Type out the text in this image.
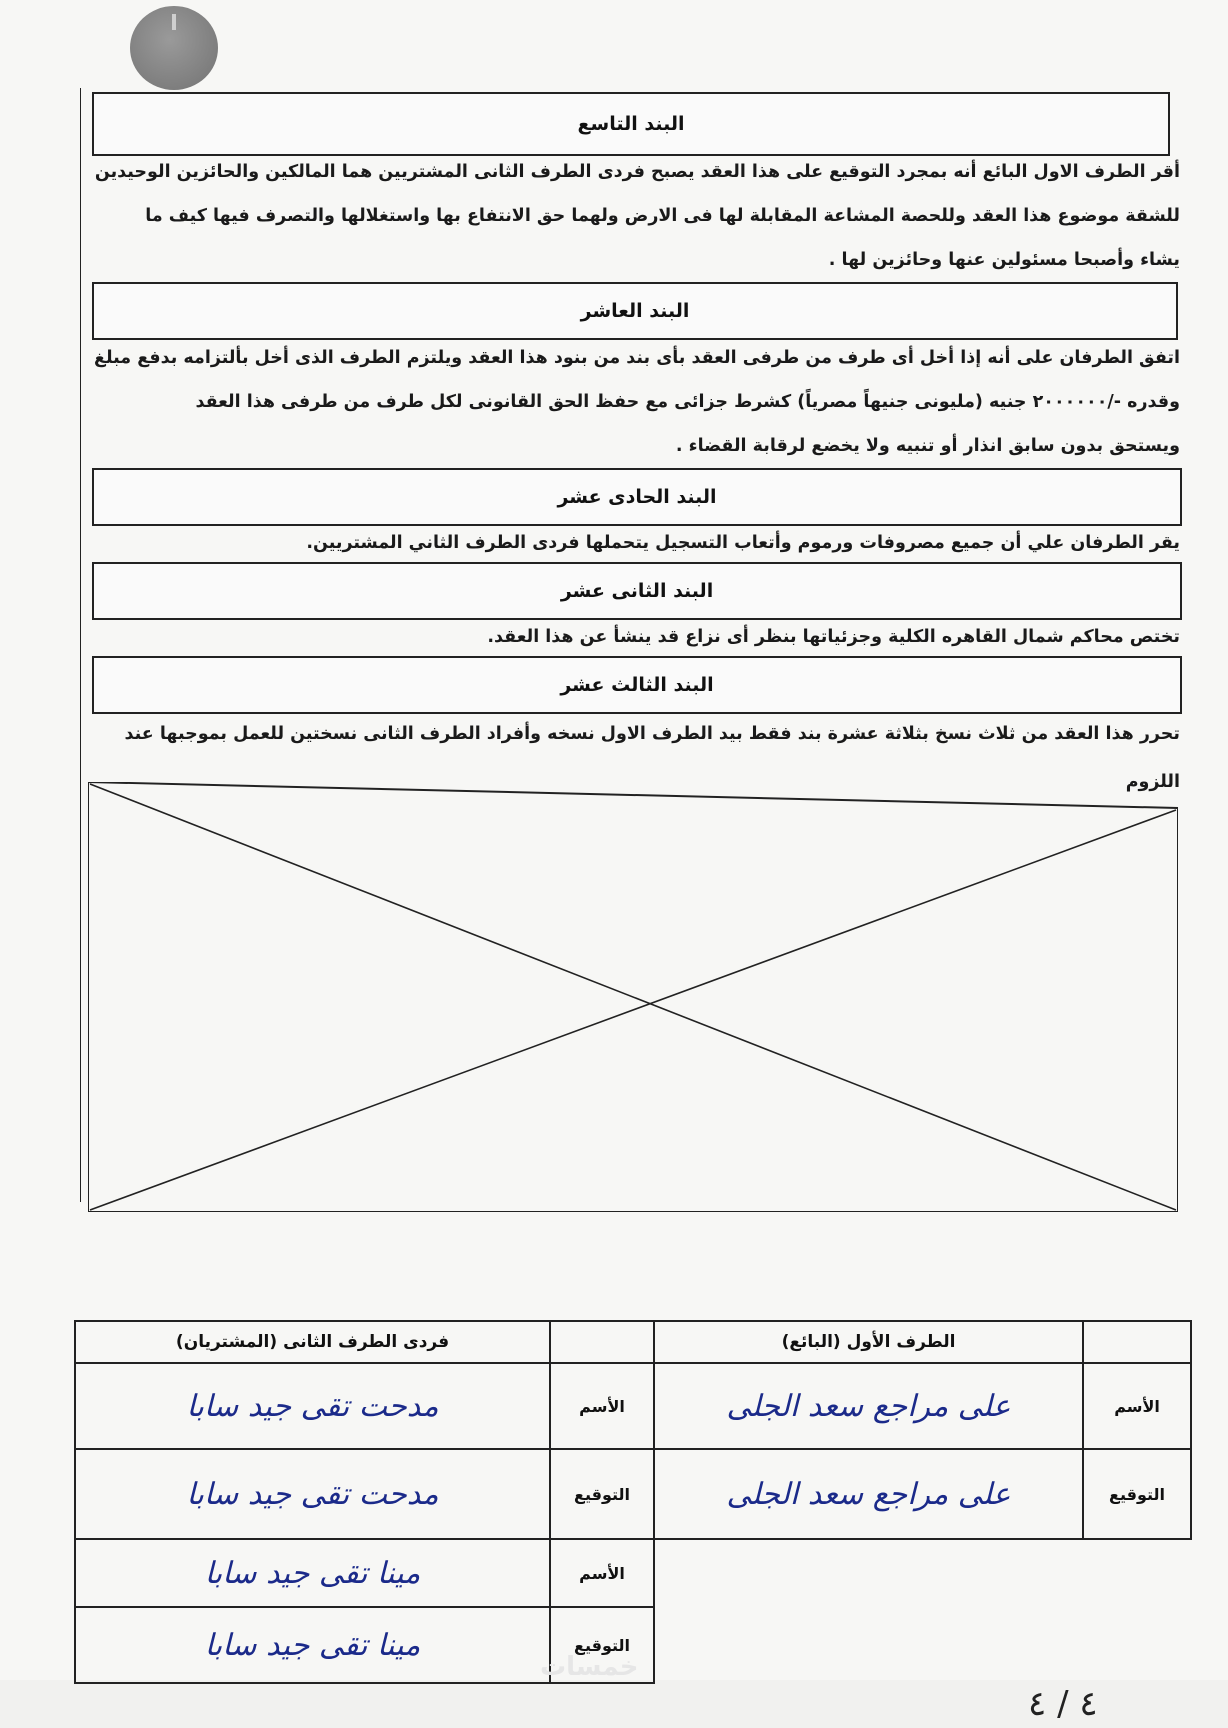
البند التاسع
أقر الطرف الاول البائع أنه بمجرد التوقيع على هذا العقد يصبح فردى الطرف الثانى المشتريين هما المالكين والحائزين الوحيدين
للشقة موضوع هذا العقد وللحصة المشاعة المقابلة لها فى الارض ولهما حق الانتفاع بها واستغلالها والتصرف فيها كيف ما
يشاء وأصبحا مسئولين عنها وحائزين لها .
البند العاشر
اتفق الطرفان على أنه إذا أخل أى طرف من طرفى العقد بأى بند من بنود هذا العقد ويلتزم الطرف الذى أخل بألتزامه بدفع مبلغ
وقدره -/٢٠٠٠٠٠٠ جنيه (مليونى جنيهاً مصرياً) كشرط جزائى مع حفظ الحق القانونى لكل طرف من طرفى هذا العقد
ويستحق بدون سابق انذار أو تنبيه ولا يخضع لرقابة القضاء .
البند الحادى عشر
يقر الطرفان علي أن جميع مصروفات ورموم وأتعاب التسجيل يتحملها فردى الطرف الثاني المشتريين.
البند الثانى عشر
تختص محاكم شمال القاهره الكلية وجزئياتها بنظر أى نزاع قد ينشأ عن هذا العقد.
البند الثالث عشر
تحرر هذا العقد من ثلاث نسخ بثلاثة عشرة بند فقط بيد الطرف الاول نسخه وأفراد الطرف الثانى نسختين للعمل بموجبها عند
اللزوم
فردى الطرف الثانى (المشتريان)		الطرف الأول (البائع)	
مدحت تقى جيد سابا	الأسم	على مراجع سعد الجلى	الأسم
مدحت تقى جيد سابا	التوقيع	على مراجع سعد الجلى	التوقيع
مينا تقى جيد سابا	الأسم		
مينا تقى جيد سابا	التوقيع		
خمسات
٤ / ٤
